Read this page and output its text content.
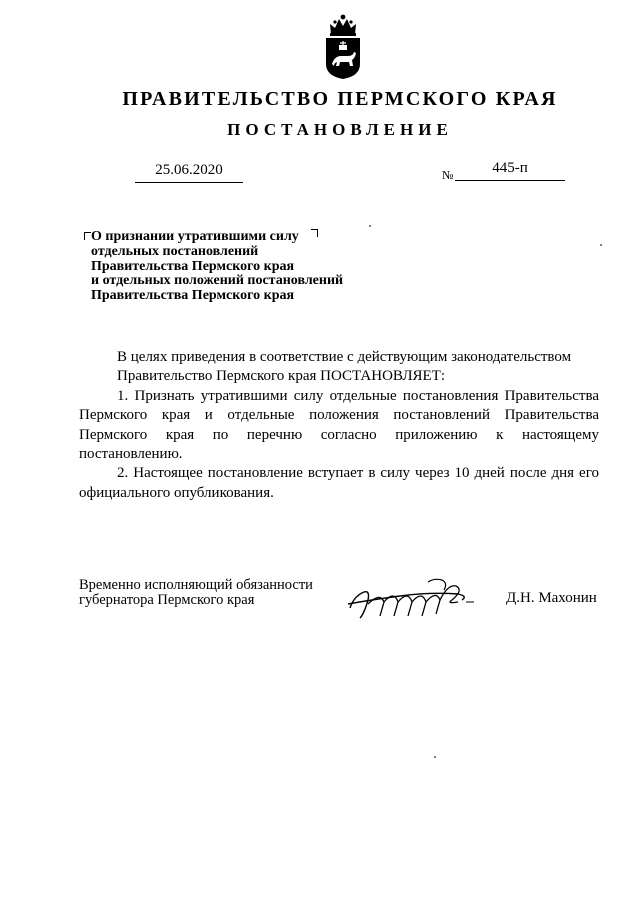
ПРАВИТЕЛЬСТВО ПЕРМСКОГО КРАЯ
ПОСТАНОВЛЕНИЕ
25.06.2020	№	445-п
О признании утратившими силу
отдельных постановлений
Правительства Пермского края
и отдельных положений постановлений
Правительства Пермского края
В целях приведения в соответствие с действующим законодательством
Правительство Пермского края ПОСТАНОВЛЯЕТ:
1. Признать утратившими силу отдельные постановления Правительства Пермского края и отдельные положения постановлений Правительства Пермского края по перечню согласно приложению к настоящему постановлению.
2. Настоящее постановление вступает в силу через 10 дней после дня его официального опубликования.
Временно исполняющий обязанности
губернатора Пермского края	Д.Н. Махонин
